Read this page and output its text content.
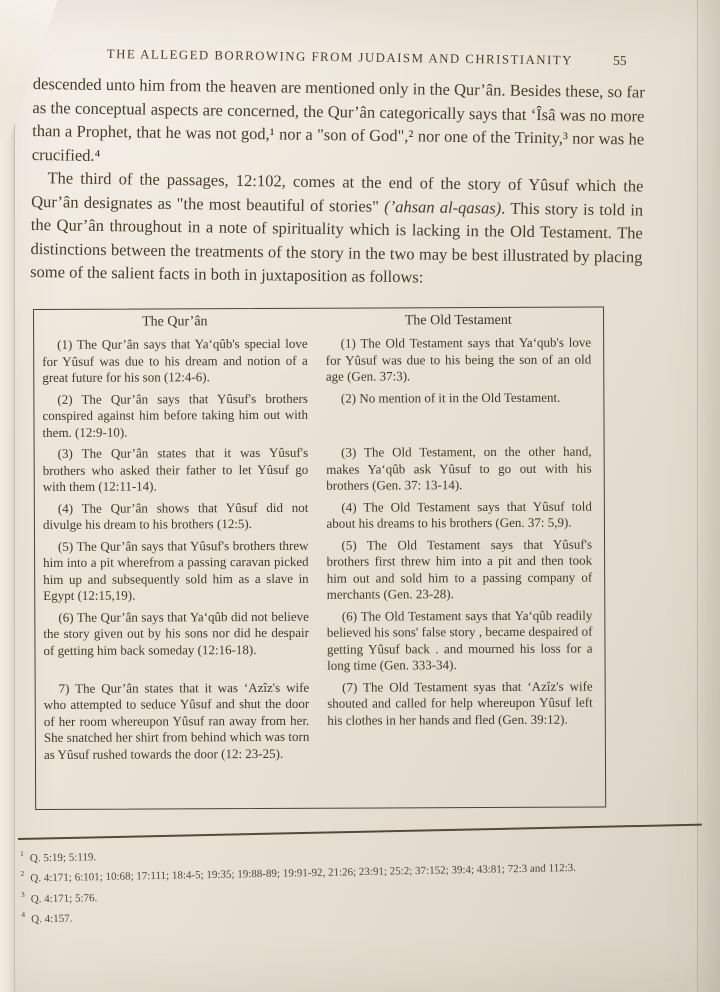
THE ALLEGED BORROWING FROM JUDAISM AND CHRISTIANITY	55

descended unto him from the heaven are mentioned only in the Qur’ân. Besides these, so far as the conceptual aspects are concerned, the Qur’ân categorically says that ‘Îsâ was no more than a Prophet, that he was not god,¹ nor a "son of God",² nor one of the Trinity,³ nor was he crucified.⁴

The third of the passages, 12:102, comes at the end of the story of Yûsuf which the Qur’ân designates as "the most beautiful of stories" (’ahsan al-qasas). This story is told in the Qur’ân throughout in a note of spirituality which is lacking in the Old Testament. The distinctions between the treatments of the story in the two may be best illustrated by placing some of the salient facts in both in juxtaposition as follows:

The Qur’ân	The Old Testament
(1) The Qur’ân says that Ya‘qûb's special love for Yûsuf was due to his dream and notion of a great future for his son (12:4-6).
(1) The Old Testament says that Ya‘qub's love for Yûsuf was due to his being the son of an old age (Gen. 37:3).
(2) The Qur’ân says that Yûsuf's brothers conspired against him before taking him out with them. (12:9-10).
(2) No mention of it in the Old Testament.
(3) The Qur’ân states that it was Yûsuf's brothers who asked their father to let Yûsuf go with them (12:11-14).
(3) The Old Testament, on the other hand, makes Ya‘qûb ask Yûsuf to go out with his brothers (Gen. 37: 13-14).
(4) The Qur’ân shows that Yûsuf did not divulge his dream to his brothers (12:5).
(4) The Old Testament says that Yûsuf told about his dreams to his brothers (Gen. 37: 5,9).
(5) The Qur’ân says that Yûsuf's brothers threw him into a pit wherefrom a passing caravan picked him up and subsequently sold him as a slave in Egypt (12:15,19).
(5) The Old Testament says that Yûsuf's brothers first threw him into a pit and then took him out and sold him to a passing company of merchants (Gen. 23-28).
(6) The Qur’ân says that Ya‘qûb did not believe the story given out by his sons nor did he despair of getting him back someday (12:16-18).
(6) The Old Testament says that Ya‘qûb readily believed his sons' false story , became despaired of getting Yûsuf back . and mourned his loss for a long time (Gen. 333-34).
7) The Qur’ân states that it was ‘Azîz's wife who attempted to seduce Yûsuf and shut the door of her room whereupon Yûsuf ran away from her. She snatched her shirt from behind which was torn as Yûsuf rushed towards the door (12: 23-25).
(7) The Old Testament syas that ‘Azîz's wife shouted and called for help whereupon Yûsuf left his clothes in her hands and fled (Gen. 39:12).
$^1$ Q. 5:19; 5:119.
$^2$ Q. 4:171; 6:101; 10:68; 17:111; 18:4-5; 19:35; 19:88-89; 19:91-92, 21:26; 23:91; 25:2; 37:152; 39:4; 43:81; 72:3 and 112:3.
$^3$ Q. 4:171; 5:76.
$^4$ Q. 4:157.
